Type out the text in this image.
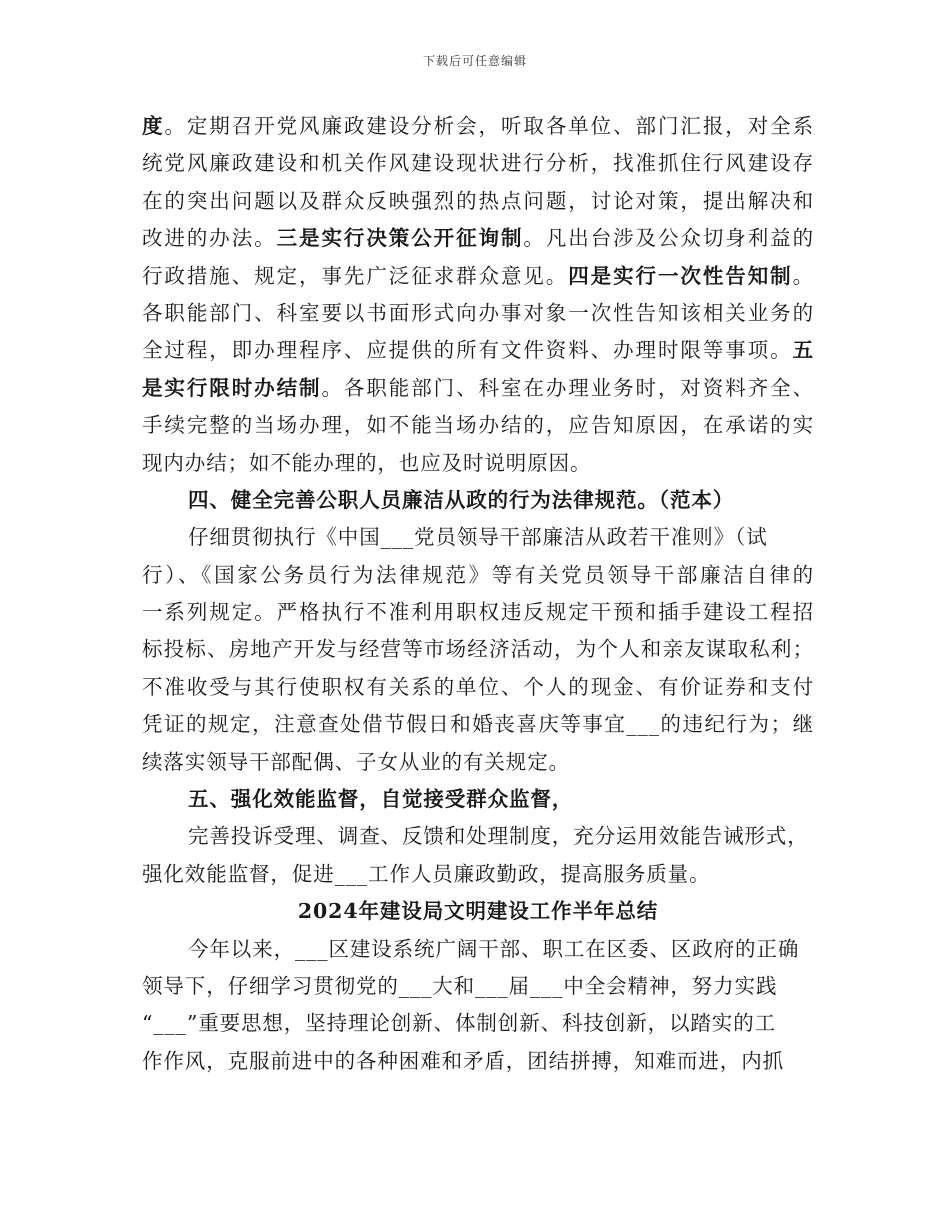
下载后可任意编辑
度。定期召开党风廉政建设分析会，听取各单位、部门汇报，对全系
统党风廉政建设和机关作风建设现状进行分析，找准抓住行风建设存
在的突出问题以及群众反映强烈的热点问题，讨论对策，提出解决和
改进的办法。三是实行决策公开征询制。凡出台涉及公众切身利益的
行政措施、规定，事先广泛征求群众意见。四是实行一次性告知制。
各职能部门、科室要以书面形式向办事对象一次性告知该相关业务的
全过程，即办理程序、应提供的所有文件资料、办理时限等事项。五
是实行限时办结制。各职能部门、科室在办理业务时，对资料齐全、
手续完整的当场办理，如不能当场办结的，应告知原因，在承诺的实
现内办结；如不能办理的，也应及时说明原因。
四、健全完善公职人员廉洁从政的行为法律规范。（范本）
仔细贯彻执行《中国___党员领导干部廉洁从政若干准则》（试
行）、《国家公务员行为法律规范》等有关党员领导干部廉洁自律的
一系列规定。严格执行不准利用职权违反规定干预和插手建设工程招
标投标、房地产开发与经营等市场经济活动，为个人和亲友谋取私利；
不准收受与其行使职权有关系的单位、个人的现金、有价证券和支付
凭证的规定，注意查处借节假日和婚丧喜庆等事宜___的违纪行为；继
续落实领导干部配偶、子女从业的有关规定。
五、强化效能监督，自觉接受群众监督，
完善投诉受理、调查、反馈和处理制度，充分运用效能告诫形式，
强化效能监督，促进___工作人员廉政勤政，提高服务质量。
2024年建设局文明建设工作半年总结
今年以来，___区建设系统广阔干部、职工在区委、区政府的正确
领导下，仔细学习贯彻党的___大和___届___中全会精神，努力实践
“___”重要思想，坚持理论创新、体制创新、科技创新，以踏实的工
作作风，克服前进中的各种困难和矛盾，团结拼搏，知难而进，内抓
